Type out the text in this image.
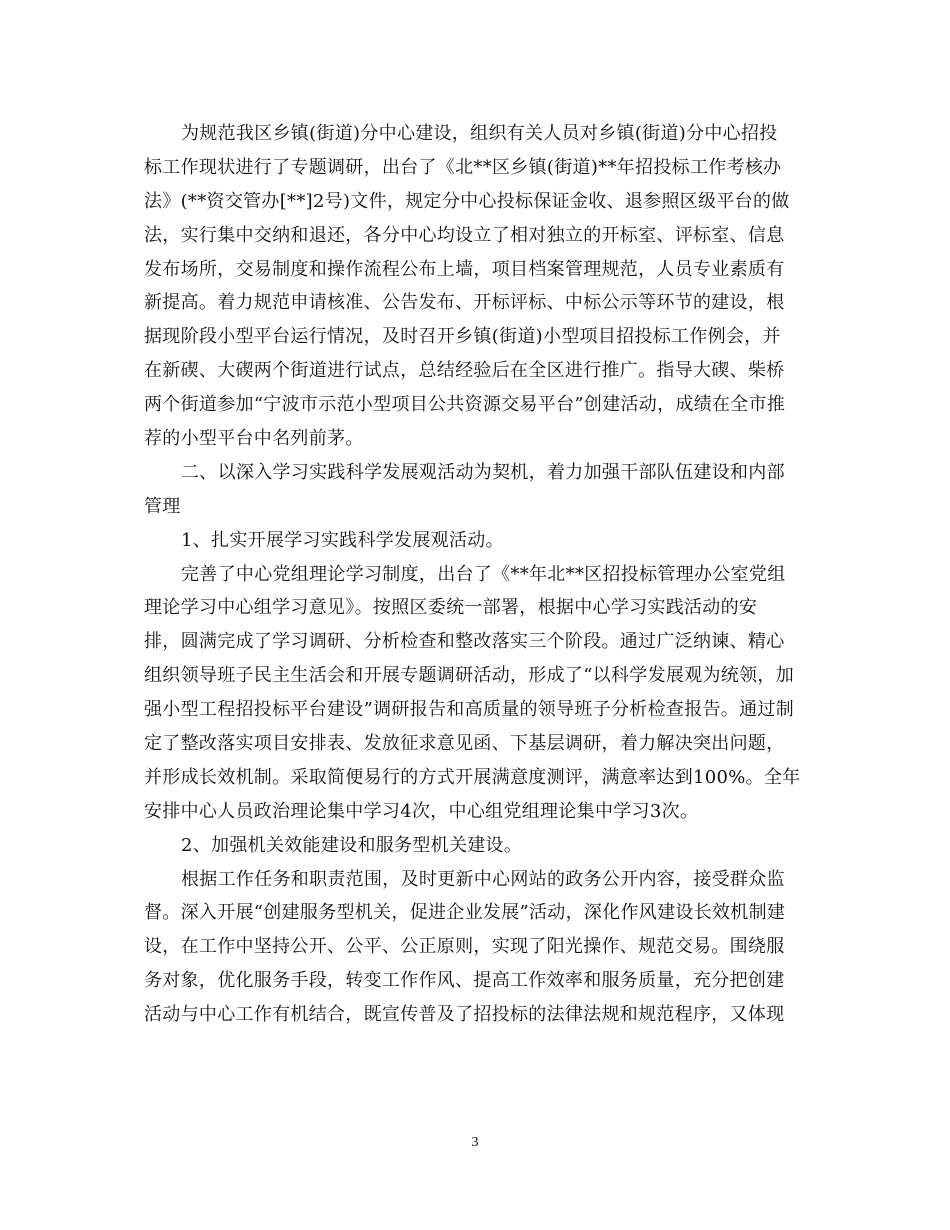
为规范我区乡镇(街道)分中心建设，组织有关人员对乡镇(街道)分中心招投
标工作现状进行了专题调研，出台了《北**区乡镇(街道)**年招投标工作考核办
法》(**资交管办[**]2号)文件，规定分中心投标保证金收、退参照区级平台的做
法，实行集中交纳和退还，各分中心均设立了相对独立的开标室、评标室、信息
发布场所，交易制度和操作流程公布上墙，项目档案管理规范，人员专业素质有
新提高。着力规范申请核准、公告发布、开标评标、中标公示等环节的建设，根
据现阶段小型平台运行情况，及时召开乡镇(街道)小型项目招投标工作例会，并
在新碶、大碶两个街道进行试点，总结经验后在全区进行推广。指导大碶、柴桥
两个街道参加“宁波市示范小型项目公共资源交易平台”创建活动，成绩在全市推
荐的小型平台中名列前茅。
二、以深入学习实践科学发展观活动为契机，着力加强干部队伍建设和内部
管理
1、扎实开展学习实践科学发展观活动。
完善了中心党组理论学习制度，出台了《**年北**区招投标管理办公室党组
理论学习中心组学习意见》。按照区委统一部署，根据中心学习实践活动的安
排，圆满完成了学习调研、分析检查和整改落实三个阶段。通过广泛纳谏、精心
组织领导班子民主生活会和开展专题调研活动，形成了“以科学发展观为统领，加
强小型工程招投标平台建设”调研报告和高质量的领导班子分析检查报告。通过制
定了整改落实项目安排表、发放征求意见函、下基层调研，着力解决突出问题，
并形成长效机制。采取简便易行的方式开展满意度测评，满意率达到100%。全年
安排中心人员政治理论集中学习4次，中心组党组理论集中学习3次。
2、加强机关效能建设和服务型机关建设。
根据工作任务和职责范围，及时更新中心网站的政务公开内容，接受群众监
督。深入开展“创建服务型机关，促进企业发展”活动，深化作风建设长效机制建
设，在工作中坚持公开、公平、公正原则，实现了阳光操作、规范交易。围绕服
务对象，优化服务手段，转变工作作风、提高工作效率和服务质量，充分把创建
活动与中心工作有机结合，既宣传普及了招投标的法律法规和规范程序，又体现
3
